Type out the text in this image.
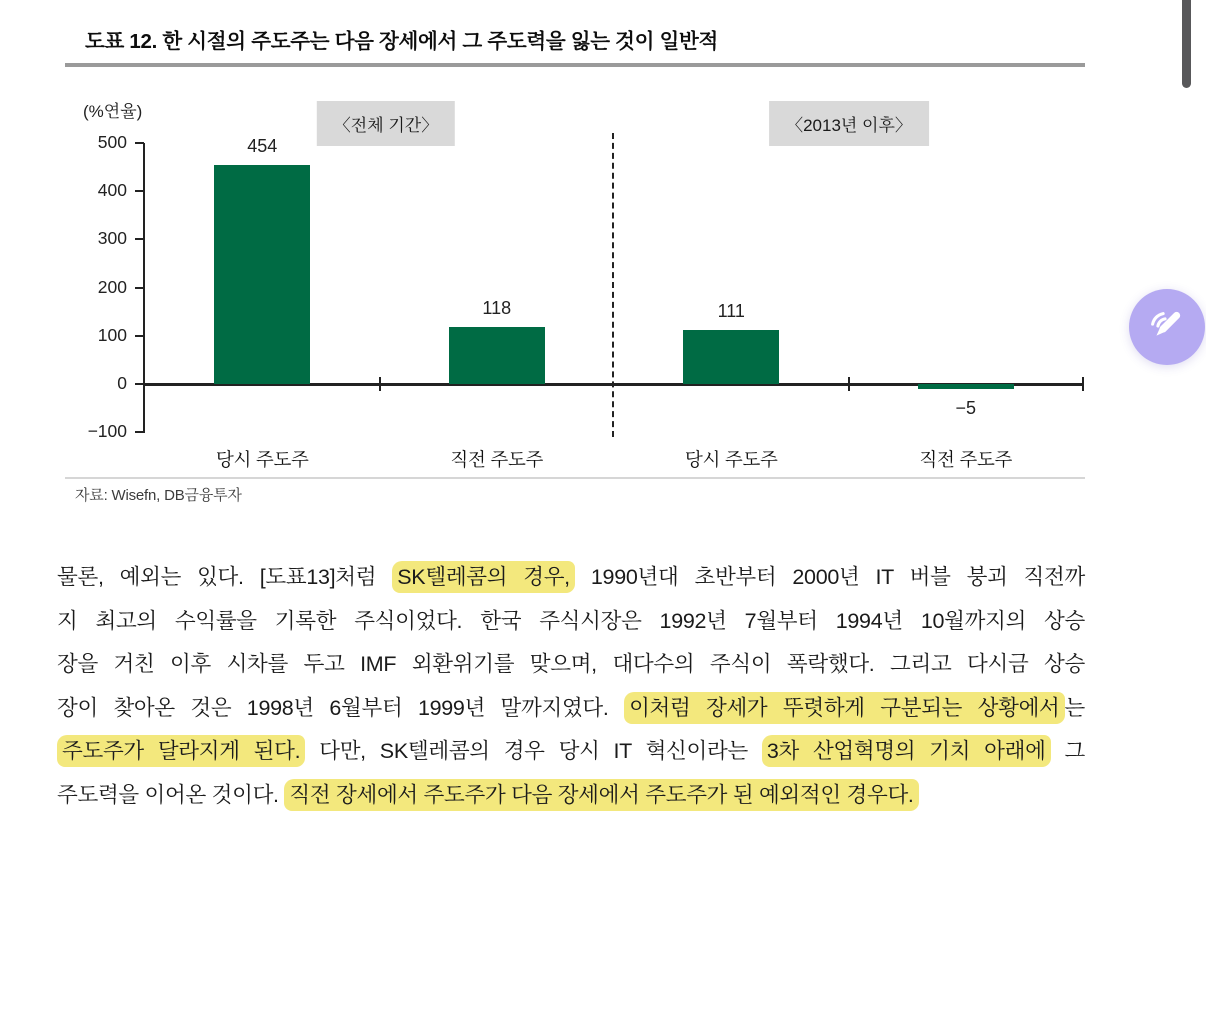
도표 12. 한 시절의 주도주는 다음 장세에서 그 주도력을 잃는 것이 일반적
(%연율)
500
400
300
200
100
0
−100
〈전체 기간〉	〈2013년 이후〉
454
당시 주도주
118
직전 주도주
111
당시 주도주
−5
직전 주도주
자료: Wisefn, DB금융투자
물론, 예외는 있다. [도표13]처럼 SK텔레콤의 경우, 1990년대 초반부터 2000년 IT 버블 붕괴 직전까
지 최고의 수익률을 기록한 주식이었다. 한국 주식시장은 1992년 7월부터 1994년 10월까지의 상승
장을 거친 이후 시차를 두고 IMF 외환위기를 맞으며, 대다수의 주식이 폭락했다. 그리고 다시금 상승
장이 찾아온 것은 1998년 6월부터 1999년 말까지였다. 이처럼 장세가 뚜렷하게 구분되는 상황에서 는
주도주가 달라지게 된다. 다만, SK텔레콤의 경우 당시 IT 혁신이라는 3차 산업혁명의 기치 아래에 그
주도력을 이어온 것이다. 직전 장세에서 주도주가 다음 장세에서 주도주가 된 예외적인 경우다.
